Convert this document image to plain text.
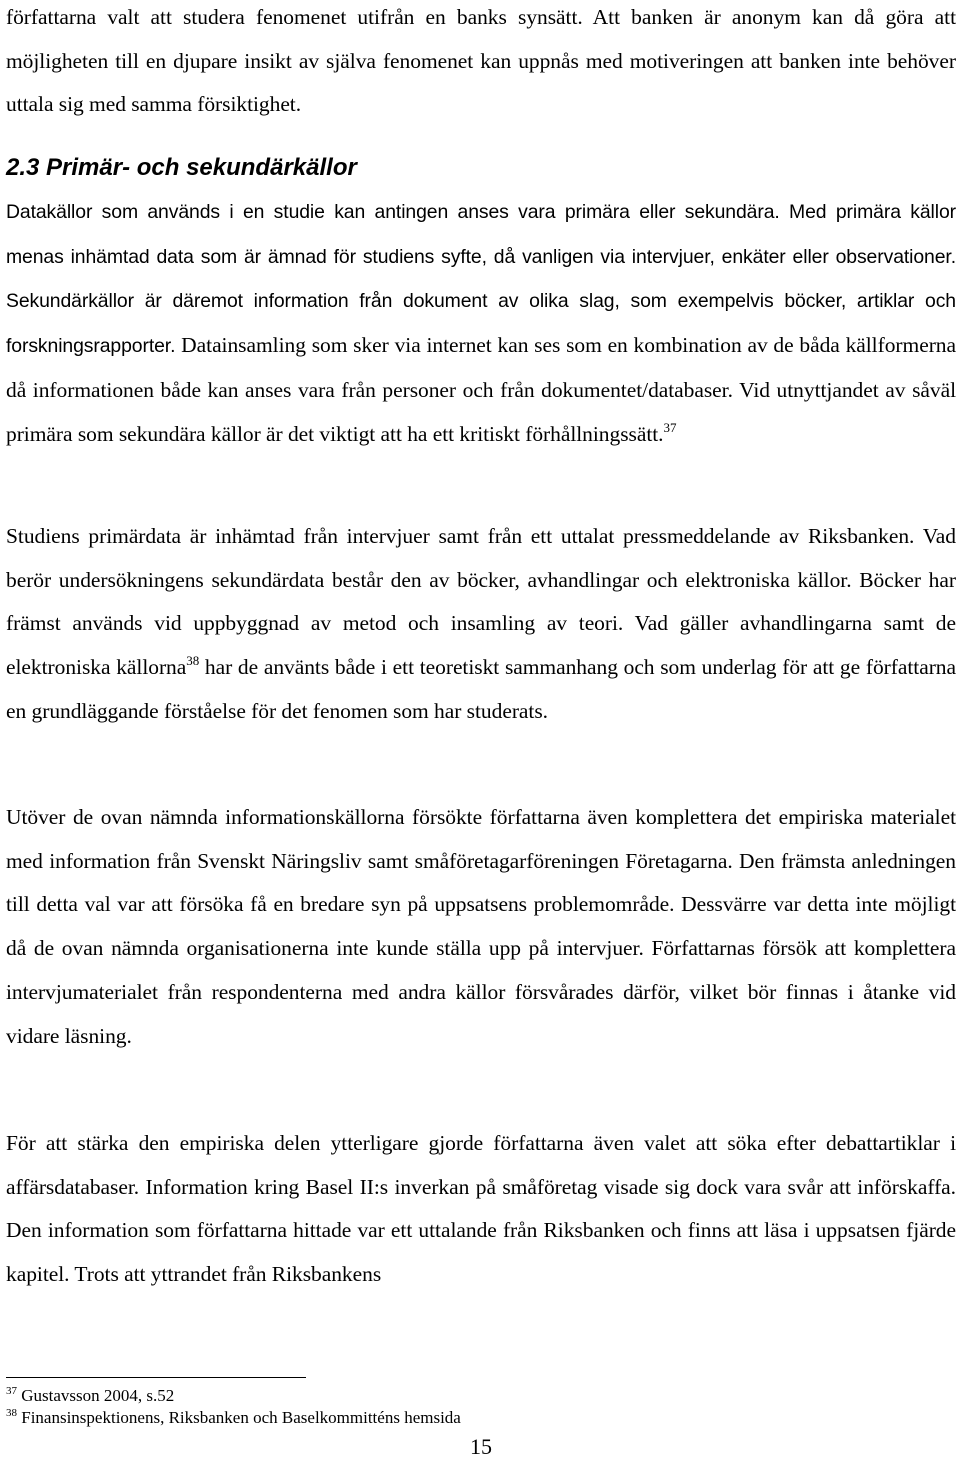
författarna valt att studera fenomenet utifrån en banks synsätt. Att banken är anonym kan då göra att möjligheten till en djupare insikt av själva fenomenet kan uppnås med motiveringen att banken inte behöver uttala sig med samma försiktighet.

2.3 Primär- och sekundärkällor

Datakällor som används i en studie kan antingen anses vara primära eller sekundära. Med primära källor menas inhämtad data som är ämnad för studiens syfte, då vanligen via intervjuer, enkäter eller observationer. Sekundärkällor är däremot information från dokument av olika slag, som exempelvis böcker, artiklar och forskningsrapporter. Datainsamling som sker via internet kan ses som en kombination av de båda källformerna då informationen både kan anses vara från personer och från dokumentet/databaser. Vid utnyttjandet av såväl primära som sekundära källor är det viktigt att ha ett kritiskt förhållningssätt.$^{37}$

Studiens primärdata är inhämtad från intervjuer samt från ett uttalat pressmeddelande av Riksbanken. Vad berör undersökningens sekundärdata består den av böcker, avhandlingar och elektroniska källor. Böcker har främst används vid uppbyggnad av metod och insamling av teori. Vad gäller avhandlingarna samt de elektroniska källorna$^{38}$ har de använts både i ett teoretiskt sammanhang och som underlag för att ge författarna en grundläggande förståelse för det fenomen som har studerats.

Utöver de ovan nämnda informationskällorna försökte författarna även komplettera det empiriska materialet med information från Svenskt Näringsliv samt småföretagarföreningen Företagarna. Den främsta anledningen till detta val var att försöka få en bredare syn på uppsatsens problemområde. Dessvärre var detta inte möjligt då de ovan nämnda organisationerna inte kunde ställa upp på intervjuer. Författarnas försök att komplettera intervjumaterialet från respondenterna med andra källor försvårades därför, vilket bör finnas i åtanke vid vidare läsning.

För att stärka den empiriska delen ytterligare gjorde författarna även valet att söka efter debattartiklar i affärsdatabaser. Information kring Basel II:s inverkan på småföretag visade sig dock vara svår att införskaffa. Den information som författarna hittade var ett uttalande från Riksbanken och finns att läsa i uppsatsen fjärde kapitel. Trots att yttrandet från Riksbankens

$^{37}$ Gustavsson 2004, s.52
$^{38}$ Finansinspektionens, Riksbanken och Baselkommitténs hemsida
15
